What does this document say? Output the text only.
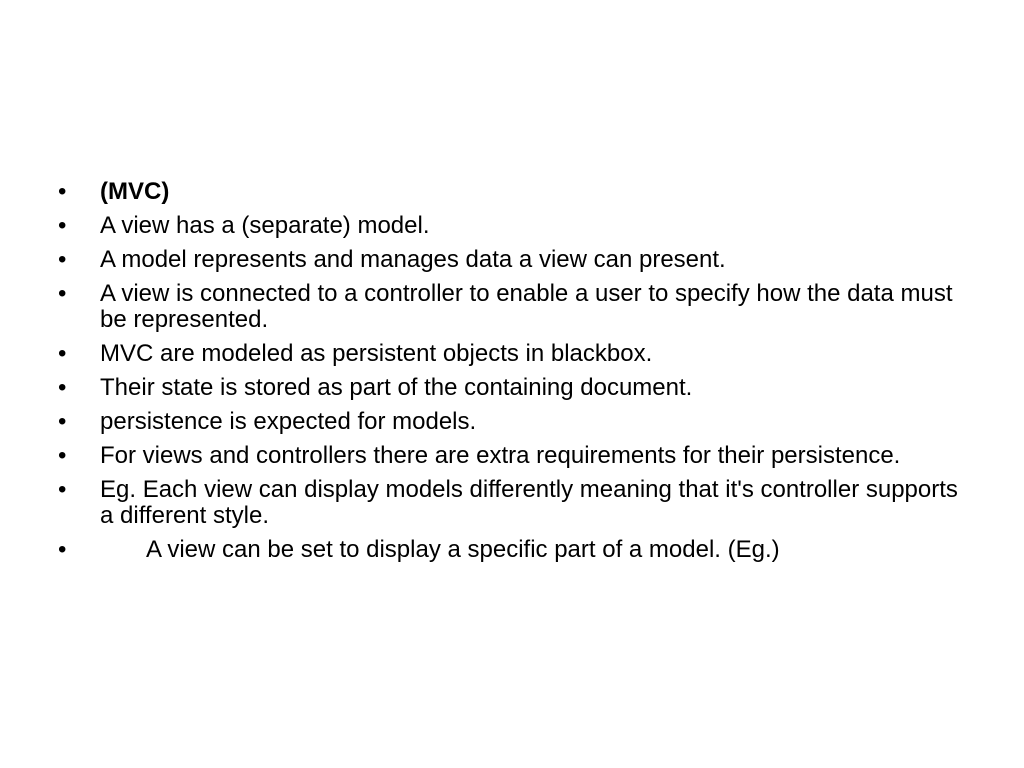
•	(MVC)
•	A view has a (separate) model.
•	A model represents and manages data a view can present.
•	A view is connected to a controller to enable a user to specify how the data must be represented.
•	MVC are modeled as persistent objects in blackbox.
•	Their state is stored as part of the containing document.
•	persistence is expected for models.
•	For views and controllers there are extra requirements for their persistence.
•	Eg. Each view can display models differently meaning that it's controller supports a different style.
•	A view can be set to display a specific part of a model. (Eg.)
